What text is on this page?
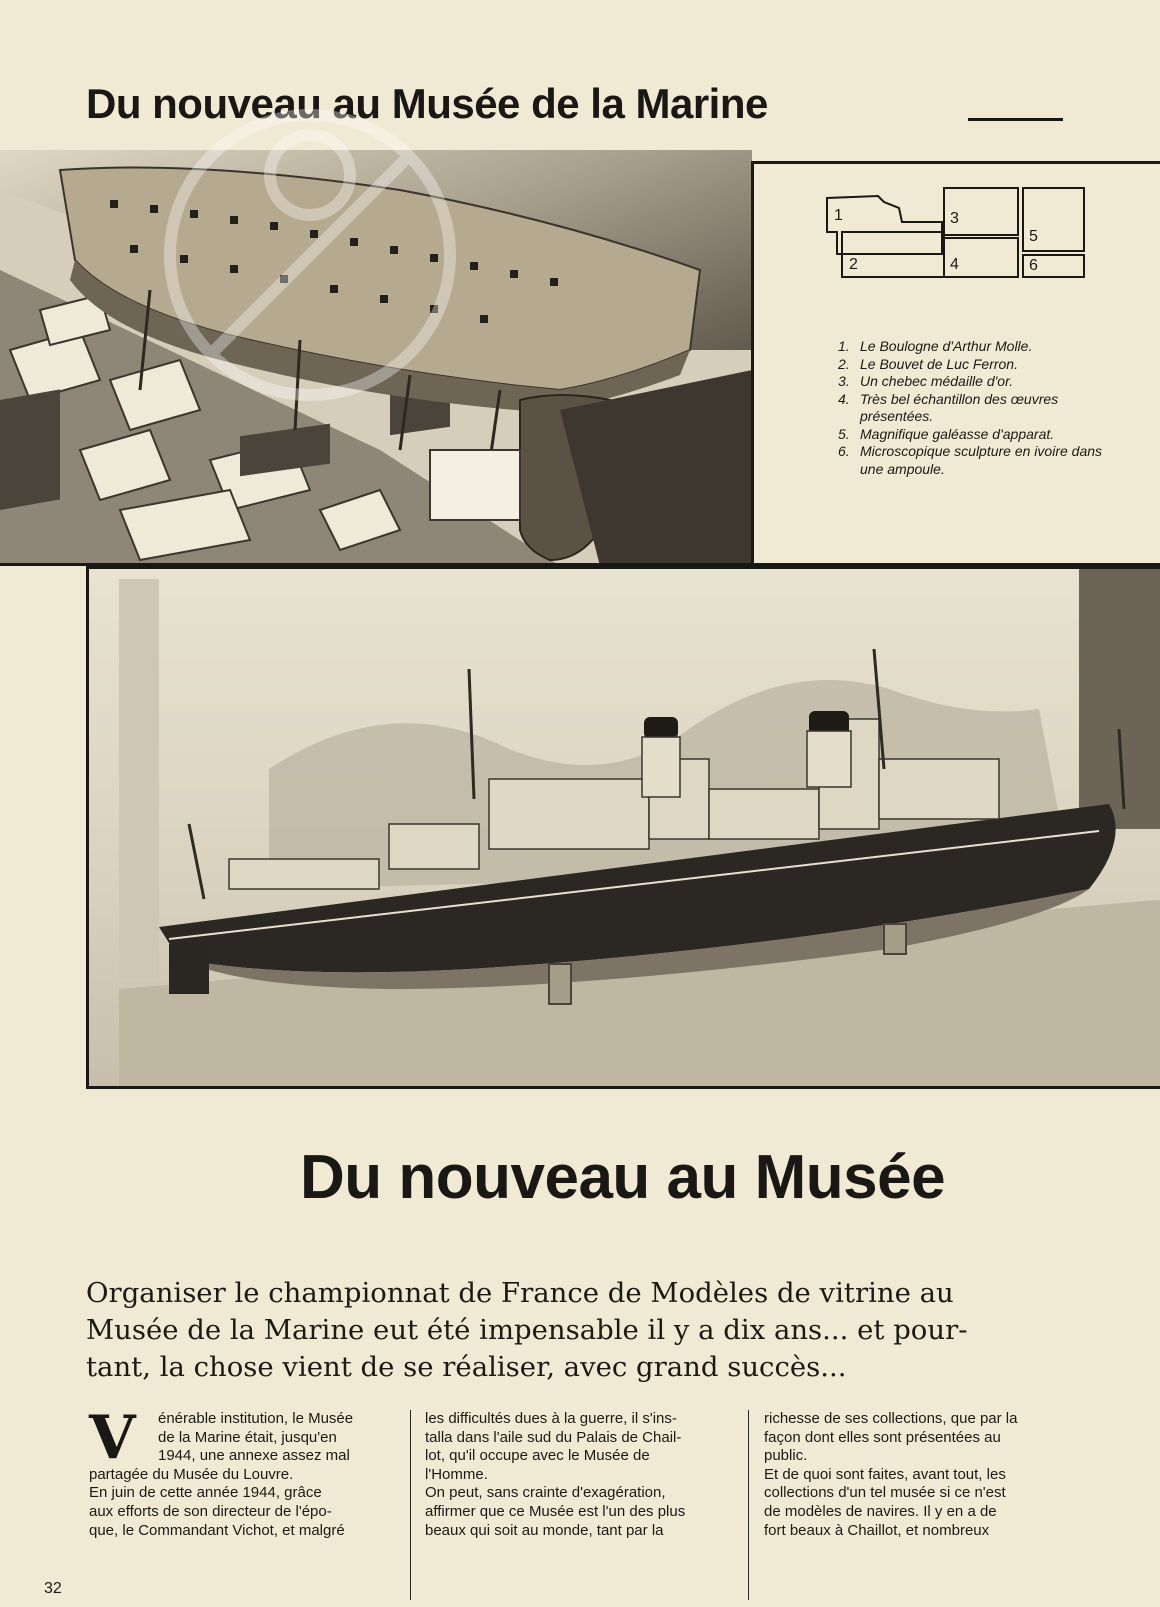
Du nouveau au Musée de la Marine
1
2
3
4
5
6
1. Le Boulogne d'Arthur Molle.
2. Le Bouvet de Luc Ferron.
3. Un chebec médaille d'or.
4. Très bel échantillon des œuvres présentées.
5. Magnifique galéasse d'apparat.
6. Microscopique sculpture en ivoire dans une ampoule.
Du nouveau au Musée

Organiser le championnat de France de Modèles de vitrine au

Musée de la Marine eut été impensable il y a dix ans... et pour-

tant, la chose vient de se réaliser, avec grand succès...

V	énérable institution, le Musée

de la Marine était, jusqu'en

1944, une annexe assez mal

partagée du Musée du Louvre.

En juin de cette année 1944, grâce

aux efforts de son directeur de l'épo-

que, le Commandant Vichot, et malgré

les difficultés dues à la guerre, il s'ins-

talla dans l'aile sud du Palais de Chail-

lot, qu'il occupe avec le Musée de

l'Homme.

On peut, sans crainte d'exagération,

affirmer que ce Musée est l'un des plus

beaux qui soit au monde, tant par la

richesse de ses collections, que par la

façon dont elles sont présentées au

public.

Et de quoi sont faites, avant tout, les

collections d'un tel musée si ce n'est

de modèles de navires. Il y en a de

fort beaux à Chaillot, et nombreux

32
